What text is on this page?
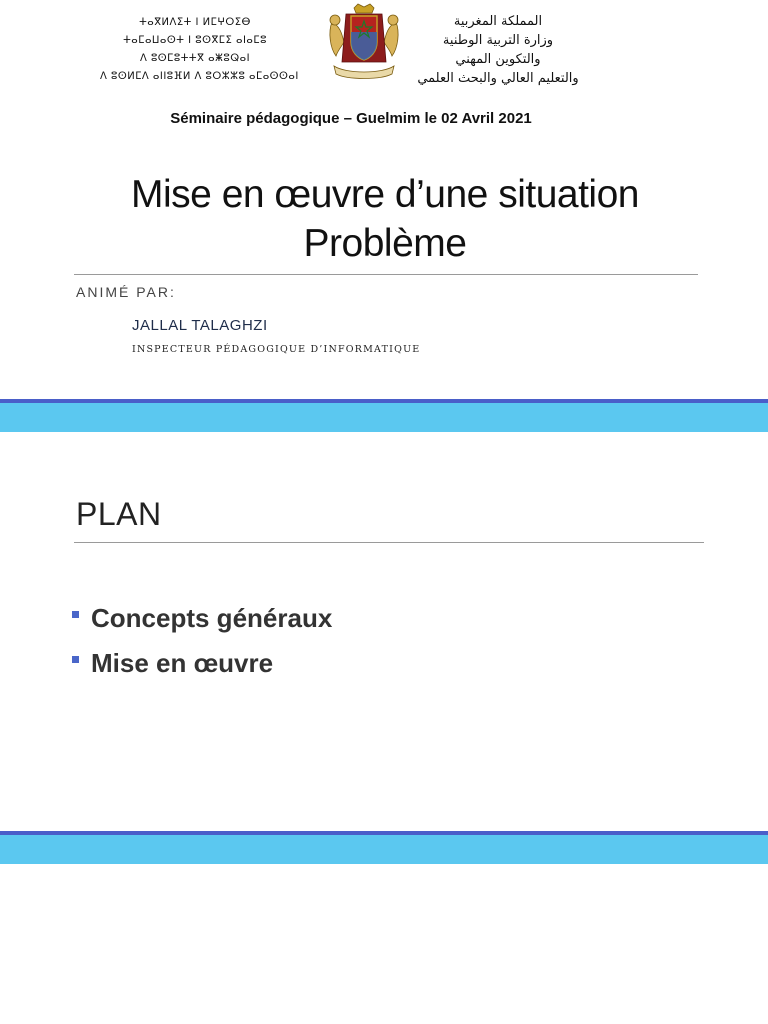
ⵜⴰⴳⵍⴷⵉⵜ ⵏ ⵍⵎⵖⵔⵉⴱ
ⵜⴰⵎⴰⵡⴰⵙⵜ ⵏ ⵓⵙⴳⵎⵉ ⴰⵏⴰⵎⵓ
ⴷ ⵓⵙⵎⵓⵜⵜⴳ ⴰⵥⵓⵕⴰⵏ
ⴷ ⵓⵙⵍⵎⴷ ⴰⵏⵏⵓⴼⵍ ⴷ ⵓⵔⵣⵣⵓ ⴰⵎⴰⵙⵙⴰⵏ
المملكة المغربية
وزارة التربية الوطنية
والتكوين المهني
والتعليم العالي والبحث العلمي
Séminaire pédagogique – Guelmim le 02 Avril 2021
Mise en œuvre d’une situation
Problème
ANIMÉ PAR:
JALLAL TALAGHZI
INSPECTEUR PÉDAGOGIQUE D’INFORMATIQUE
PLAN
Concepts généraux
Mise en œuvre
